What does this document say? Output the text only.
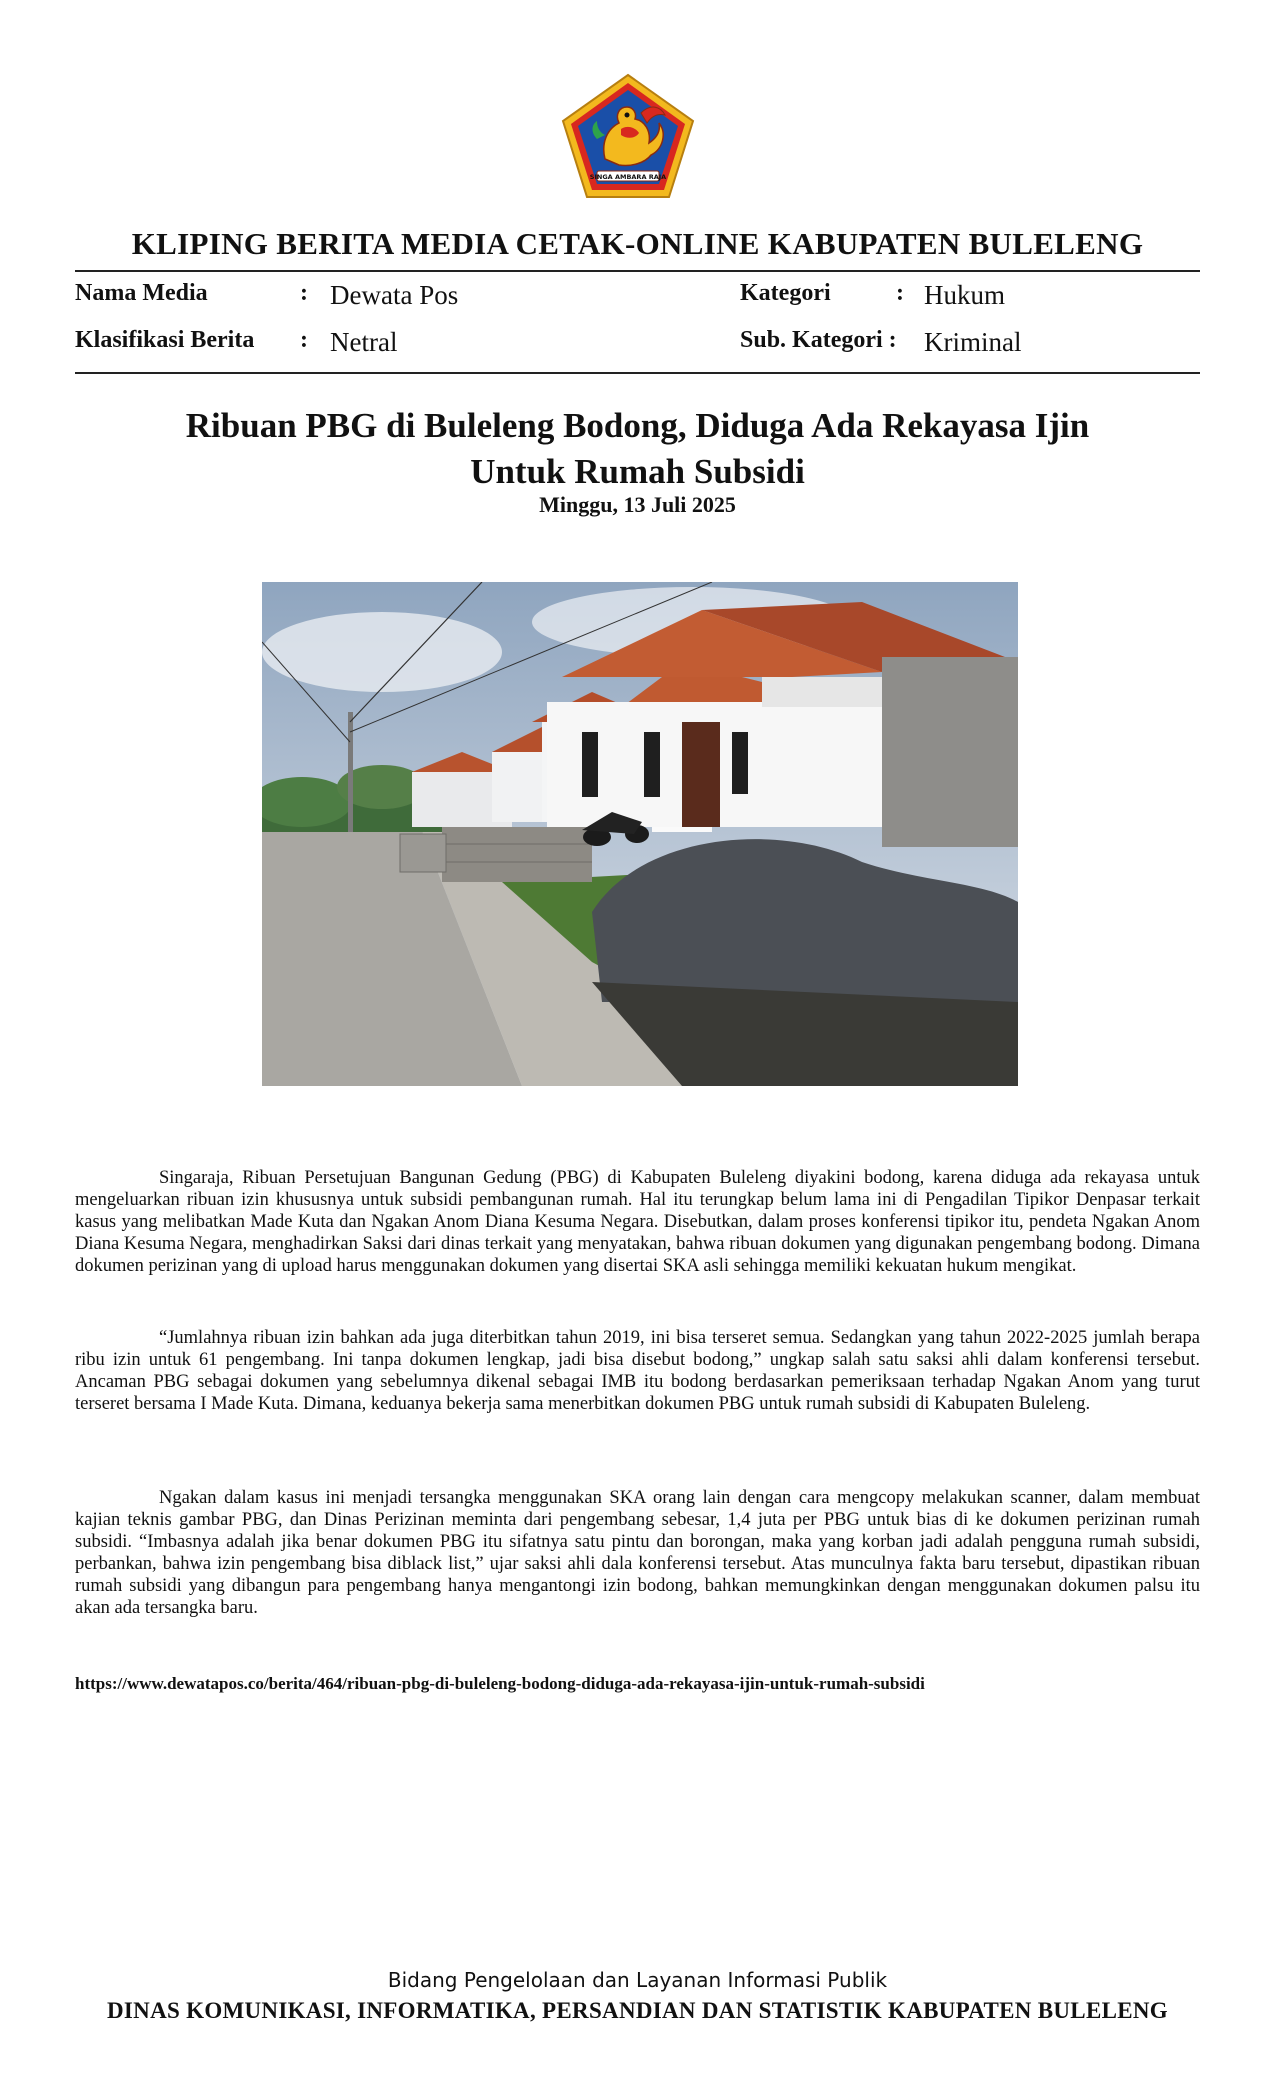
SINGA AMBARA RAJA
KLIPING BERITA MEDIA CETAK-ONLINE KABUPATEN BULELENG
Nama Media	: Dewata Pos	Kategori	: Hukum
Klasifikasi Berita : Netral	Sub. Kategori : Kriminal
Ribuan PBG di Buleleng Bodong, Diduga Ada Rekayasa Ijin
Untuk Rumah Subsidi
Minggu, 13 Juli 2025

Singaraja, Ribuan Persetujuan Bangunan Gedung (PBG) di Kabupaten Buleleng diyakini bodong, karena diduga ada rekayasa untuk mengeluarkan ribuan izin khususnya untuk subsidi pembangunan rumah. Hal itu terungkap belum lama ini di Pengadilan Tipikor Denpasar terkait kasus yang melibatkan Made Kuta dan Ngakan Anom Diana Kesuma Negara. Disebutkan, dalam proses konferensi tipikor itu, pendeta Ngakan Anom Diana Kesuma Negara, menghadirkan Saksi dari dinas terkait yang menyatakan, bahwa ribuan dokumen yang digunakan pengembang bodong. Dimana dokumen perizinan yang di upload harus menggunakan dokumen yang disertai SKA asli sehingga memiliki kekuatan hukum mengikat.

“Jumlahnya ribuan izin bahkan ada juga diterbitkan tahun 2019, ini bisa terseret semua. Sedangkan yang tahun 2022-2025 jumlah berapa ribu izin untuk 61 pengembang. Ini tanpa dokumen lengkap, jadi bisa disebut bodong,” ungkap salah satu saksi ahli dalam konferensi tersebut. Ancaman PBG sebagai dokumen yang sebelumnya dikenal sebagai IMB itu bodong berdasarkan pemeriksaan terhadap Ngakan Anom yang turut terseret bersama I Made Kuta. Dimana, keduanya bekerja sama menerbitkan dokumen PBG untuk rumah subsidi di Kabupaten Buleleng.

Ngakan dalam kasus ini menjadi tersangka menggunakan SKA orang lain dengan cara mengcopy melakukan scanner, dalam membuat kajian teknis gambar PBG, dan Dinas Perizinan meminta dari pengembang sebesar, 1,4 juta per PBG untuk bias di ke dokumen perizinan rumah subsidi. “Imbasnya adalah jika benar dokumen PBG itu sifatnya satu pintu dan borongan, maka yang korban jadi adalah pengguna rumah subsidi, perbankan, bahwa izin pengembang bisa diblack list,” ujar saksi ahli dala konferensi tersebut. Atas munculnya fakta baru tersebut, dipastikan ribuan rumah subsidi yang dibangun para pengembang hanya mengantongi izin bodong, bahkan memungkinkan dengan menggunakan dokumen palsu itu akan ada tersangka baru.

https://www.dewatapos.co/berita/464/ribuan-pbg-di-buleleng-bodong-diduga-ada-rekayasa-ijin-untuk-rumah-subsidi
Bidang Pengelolaan dan Layanan Informasi Publik
DINAS KOMUNIKASI, INFORMATIKA, PERSANDIAN DAN STATISTIK KABUPATEN BULELENG
